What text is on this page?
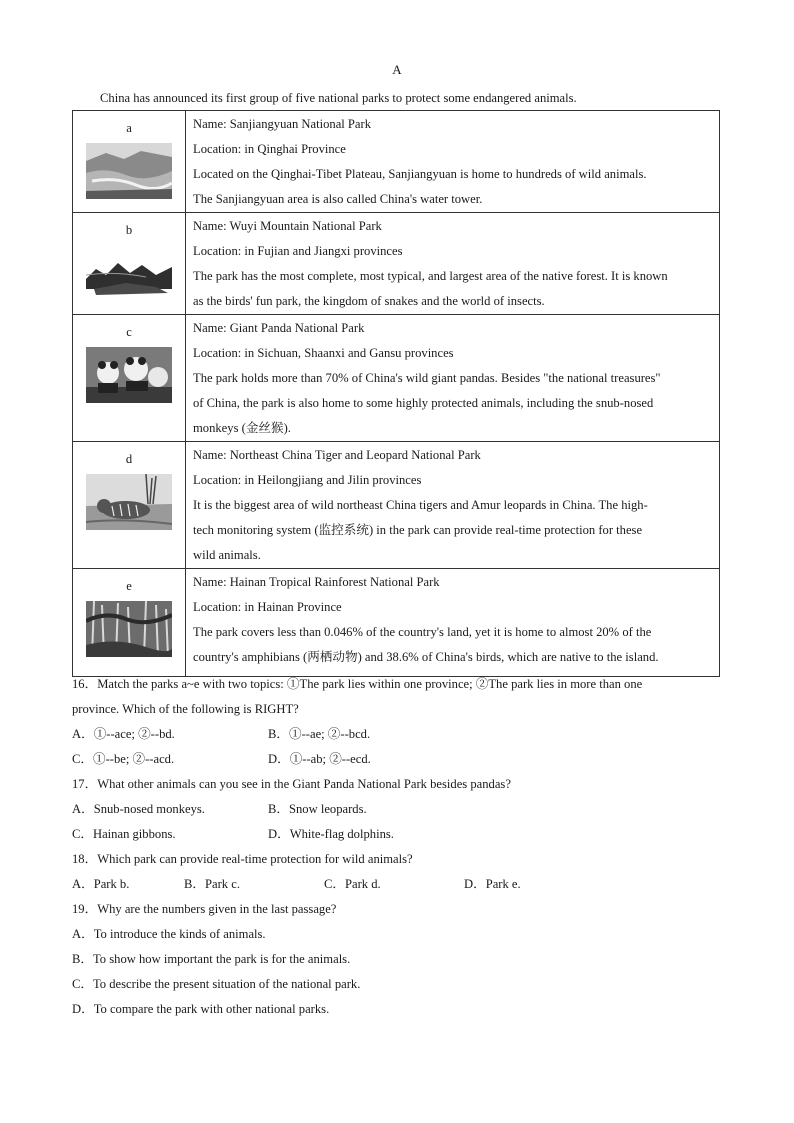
A
China has announced its first group of five national parks to protect some endangered animals.
a	Name: Sanjiangyuan National Park
Location: in Qinghai Province
Located on the Qinghai-Tibet Plateau, Sanjiangyuan is home to hundreds of wild animals.
The Sanjiangyuan area is also called China's water tower.

b	Name: Wuyi Mountain National Park
Location: in Fujian and Jiangxi provinces
The park has the most complete, most typical, and largest area of the native forest. It is known
as the birds' fun park, the kingdom of snakes and the world of insects.

c	Name: Giant Panda National Park
Location: in Sichuan, Shaanxi and Gansu provinces
The park holds more than 70% of China's wild giant pandas. Besides "the national treasures"
of China, the park is also home to some highly protected animals, including the snub-nosed
monkeys (金丝猴).

d	Name: Northeast China Tiger and Leopard National Park
Location: in Heilongjiang and Jilin provinces
It is the biggest area of wild northeast China tigers and Amur leopards in China. The high-
tech monitoring system (监控系统) in the park can provide real-time protection for these
wild animals.

e	Name: Hainan Tropical Rainforest National Park
Location: in Hainan Province
The park covers less than 0.046% of the country's land, yet it is home to almost 20% of the
country's amphibians (两栖动物) and 38.6% of China's birds, which are native to the island.
16．Match the parks a~e with two topics: ①The park lies within one province; ②The park lies in more than one
province. Which of the following is RIGHT?
A．①--ace; ②--bd.	B．①--ae; ②--bcd.
C．①--be; ②--acd.	D．①--ab; ②--ecd.
17．What other animals can you see in the Giant Panda National Park besides pandas?
A．Snub-nosed monkeys.	B．Snow leopards.
C．Hainan gibbons.	D．White-flag dolphins.
18．Which park can provide real-time protection for wild animals?
A．Park b.	B．Park c.	C．Park d.	D．Park e.
19．Why are the numbers given in the last passage?
A．To introduce the kinds of animals.
B．To show how important the park is for the animals.
C．To describe the present situation of the national park.
D．To compare the park with other national parks.
